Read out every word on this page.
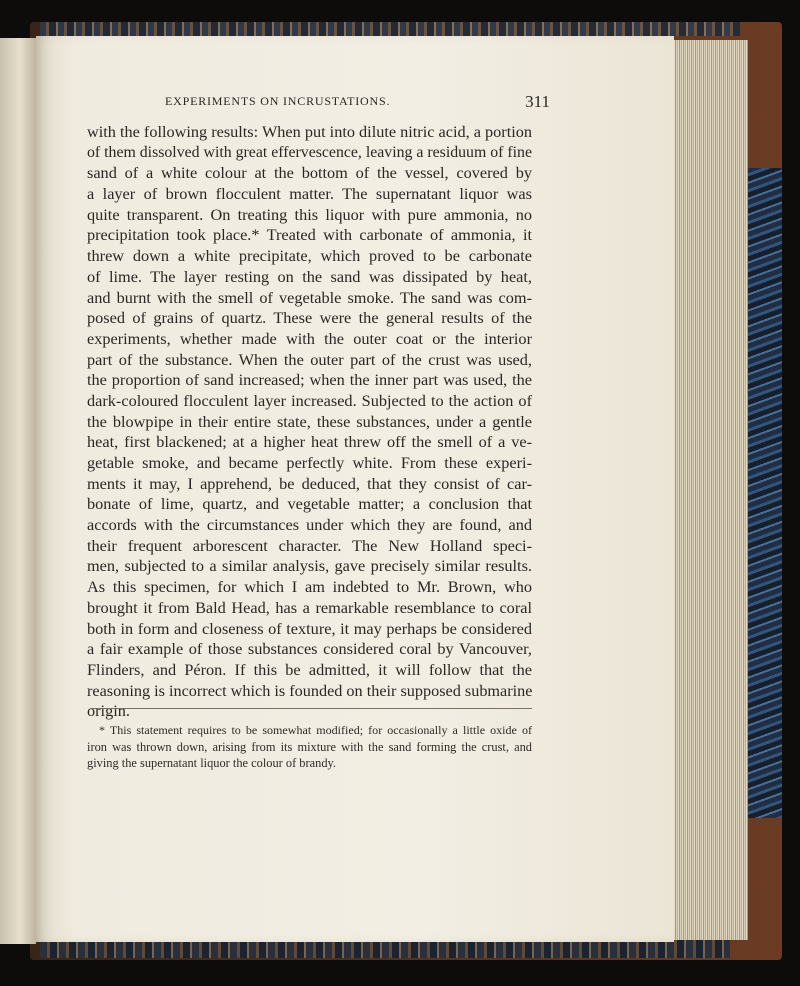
EXPERIMENTS ON INCRUSTATIONS.	311
with the following results: When put into dilute nitric acid, a portion
of them dissolved with great effervescence, leaving a residuum of fine
sand of a white colour at the bottom of the vessel, covered by
a layer of brown flocculent matter. The supernatant liquor was
quite transparent. On treating this liquor with pure ammonia, no
precipitation took place.* Treated with carbonate of ammonia, it
threw down a white precipitate, which proved to be carbonate
of lime. The layer resting on the sand was dissipated by heat,
and burnt with the smell of vegetable smoke. The sand was com-
posed of grains of quartz. These were the general results of the
experiments, whether made with the outer coat or the interior
part of the substance. When the outer part of the crust was used,
the proportion of sand increased; when the inner part was used, the
dark-coloured flocculent layer increased. Subjected to the action of
the blowpipe in their entire state, these substances, under a gentle
heat, first blackened; at a higher heat threw off the smell of a ve-
getable smoke, and became perfectly white. From these experi-
ments it may, I apprehend, be deduced, that they consist of car-
bonate of lime, quartz, and vegetable matter; a conclusion that
accords with the circumstances under which they are found, and
their frequent arborescent character. The New Holland speci-
men, subjected to a similar analysis, gave precisely similar results.
As this specimen, for which I am indebted to Mr. Brown, who
brought it from Bald Head, has a remarkable resemblance to coral
both in form and closeness of texture, it may perhaps be considered
a fair example of those substances considered coral by Vancouver,
Flinders, and Péron. If this be admitted, it will follow that the
reasoning is incorrect which is founded on their supposed submarine
origin.
* This statement requires to be somewhat modified; for occasionally a little oxide of
iron was thrown down, arising from its mixture with the sand forming the crust, and
giving the supernatant liquor the colour of brandy.
